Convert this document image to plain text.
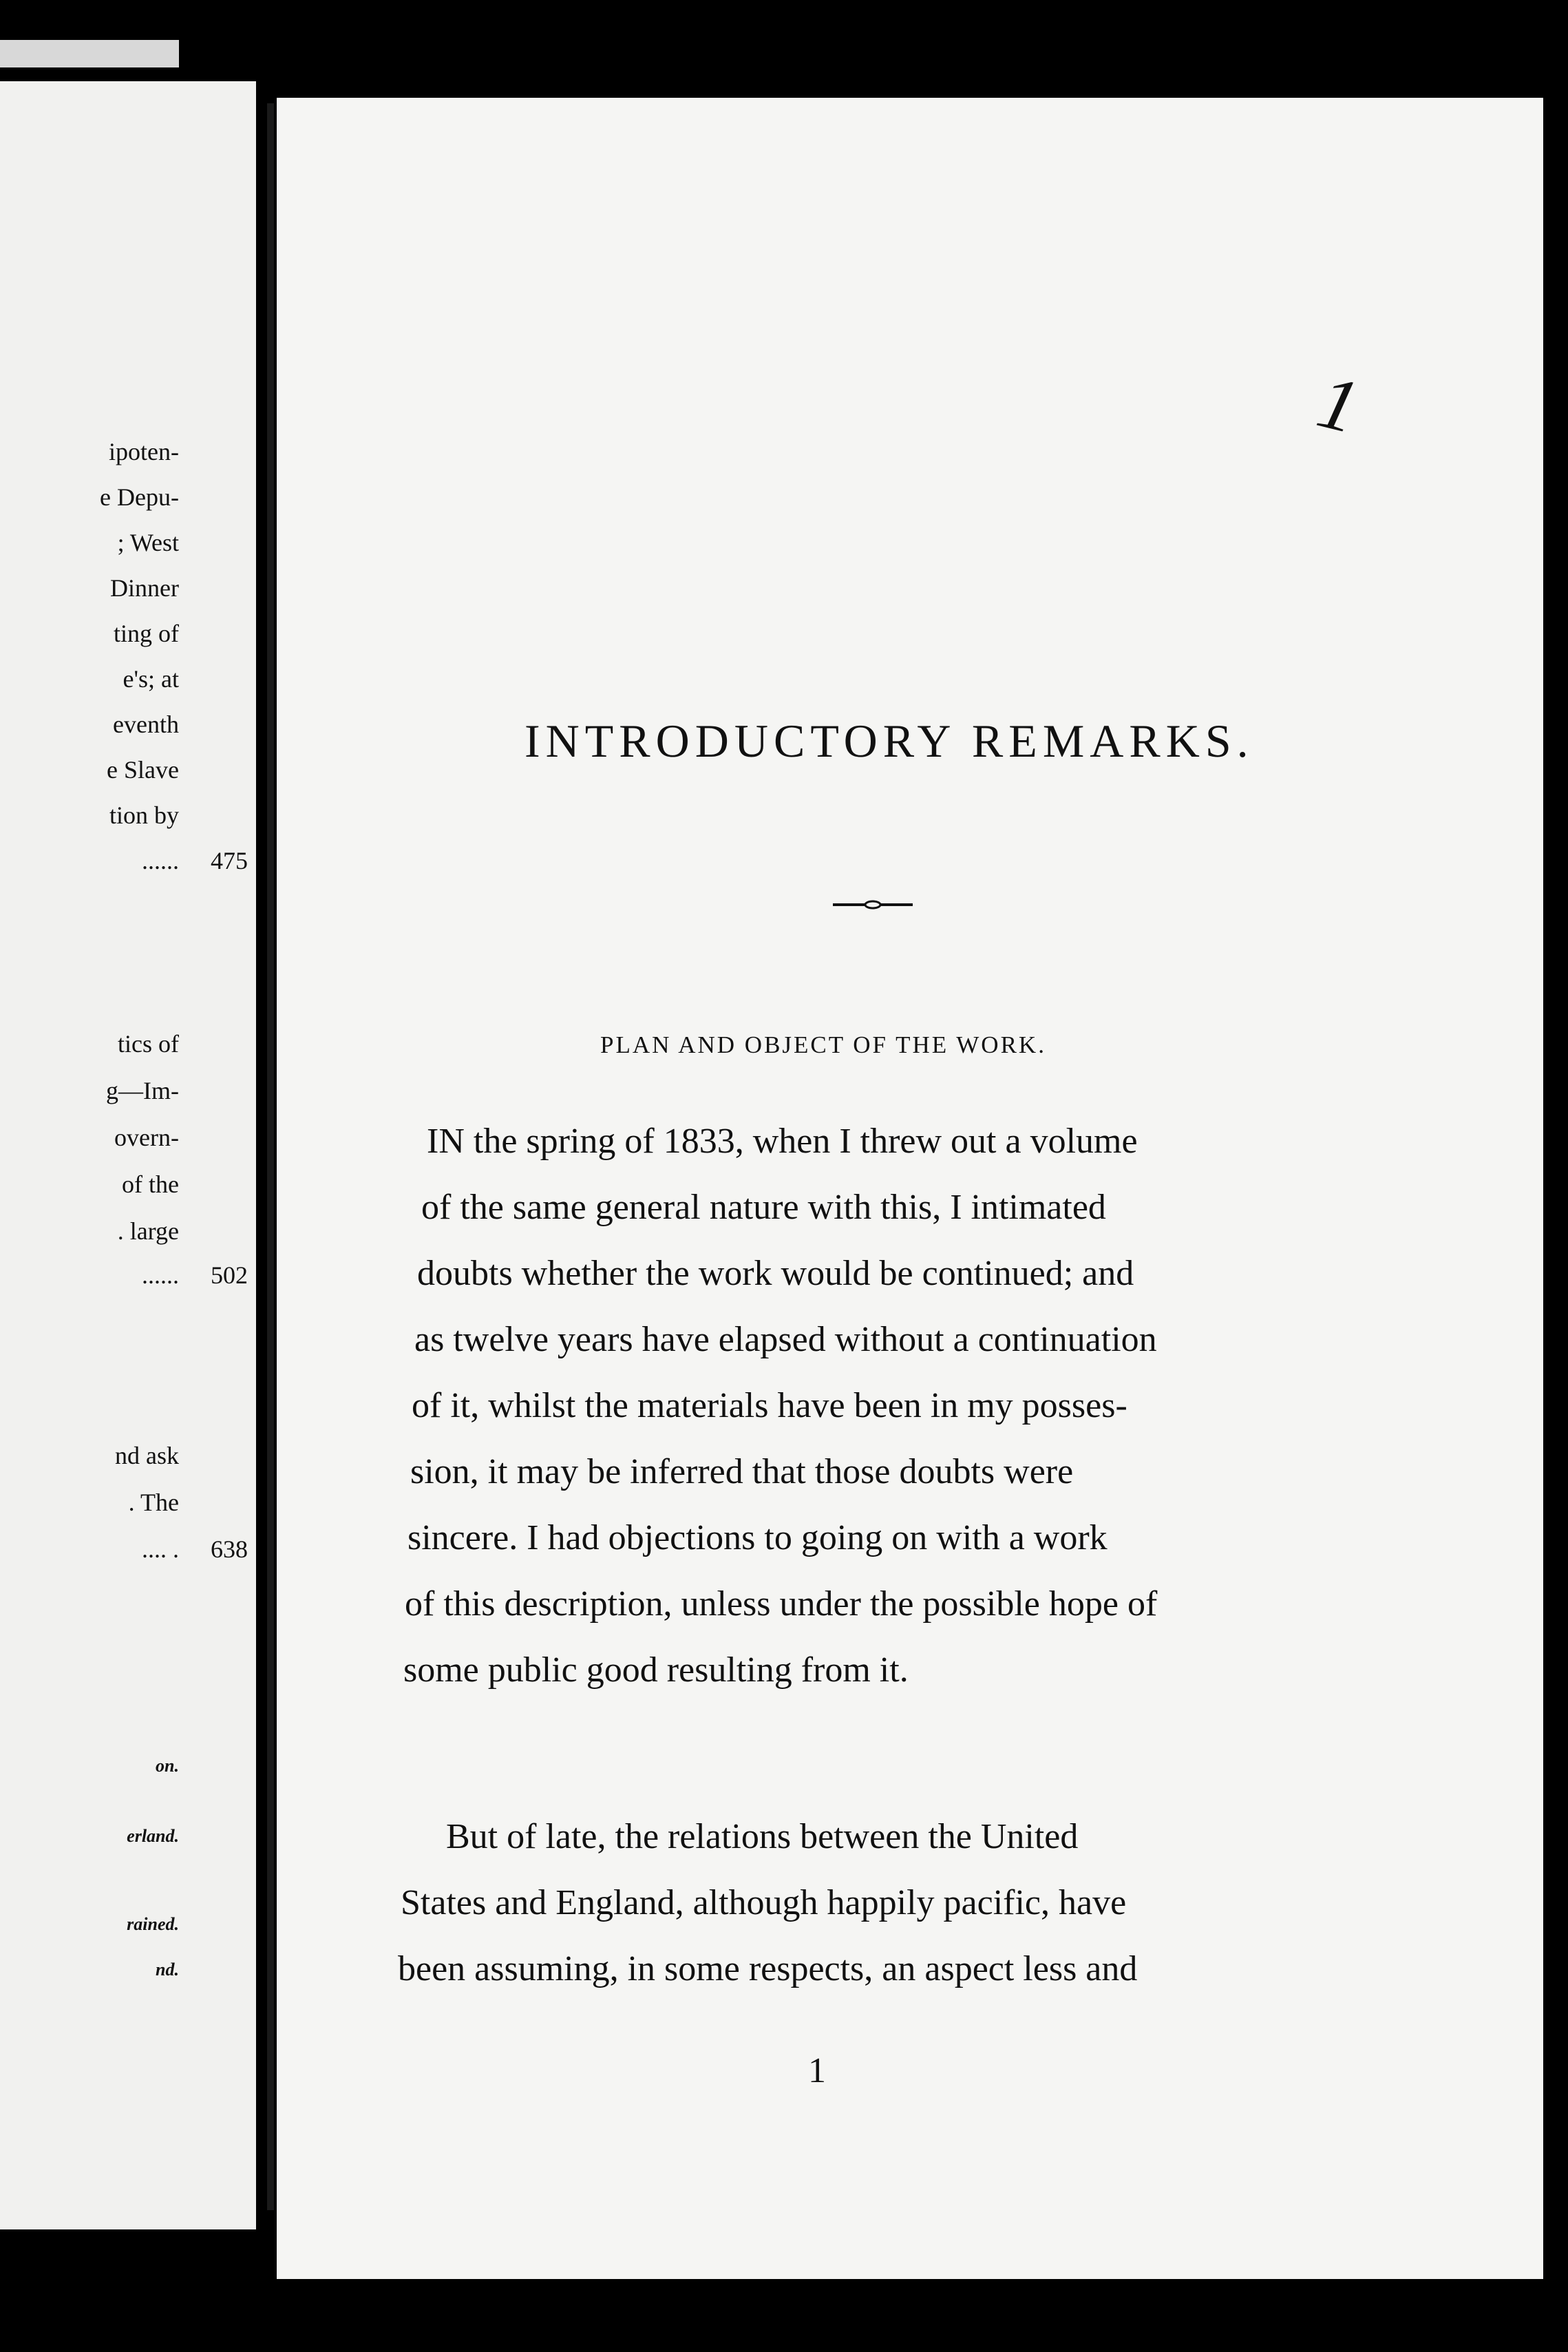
ipoten-
e Depu-
; West
Dinner
ting of
e's; at
eventh
e Slave
tion by
...... 475
tics of
g—Im-
overn-
of the
. large
...... 502
nd ask
. The
.... . 638
on.
erland.
rained.
nd.
1
INTRODUCTORY REMARKS.
PLAN AND OBJECT OF THE WORK.
IN the spring of 1833, when I threw out a volume
of the same general nature with this, I intimated
doubts whether the work would be continued; and
as twelve years have elapsed without a continuation
of it, whilst the materials have been in my posses-
sion, it may be inferred that those doubts were
sincere. I had objections to going on with a work
of this description, unless under the possible hope of
some public good resulting from it.
But of late, the relations between the United
States and England, although happily pacific, have
been assuming, in some respects, an aspect less and
1
